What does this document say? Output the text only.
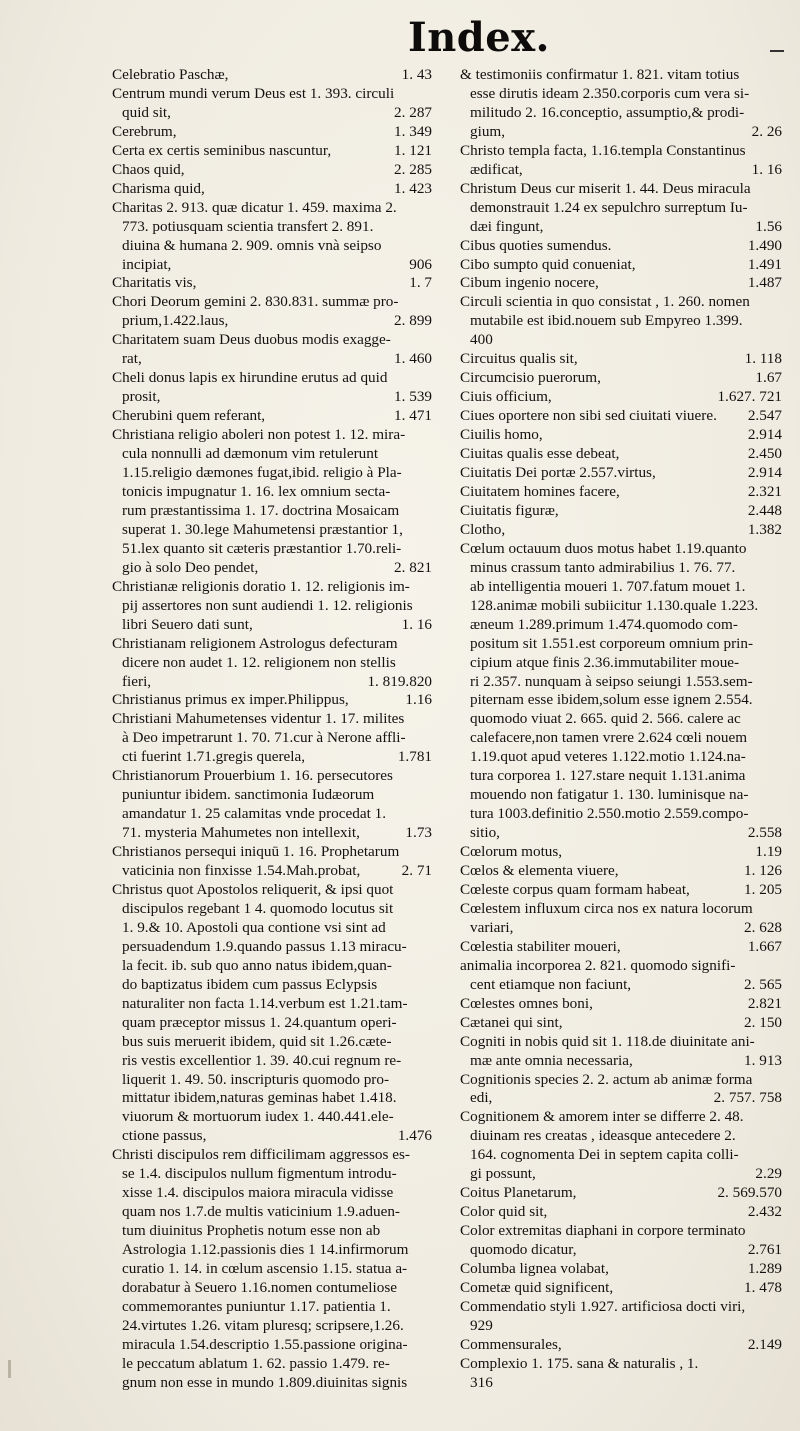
Index.
1. 43
Celebratio Paschæ,
Centrum mundi verum Deus est 1. 393. circuli
2. 287
quid sit,
1. 349
Cerebrum,
1. 121
Certa ex certis seminibus nascuntur,
2. 285
Chaos quid,
1. 423
Charisma quid,
Charitas 2. 913. quæ dicatur 1. 459. maxima 2.
773. potiusquam scientia transfert 2. 891.
diuina & humana 2. 909. omnis vnà seipso
906
incipiat,
1. 7
Charitatis vis,
Chori Deorum gemini 2. 830.831. summæ pro-
2. 899
prium,1.422.laus,
Charitatem suam Deus duobus modis exagge-
1. 460
rat,
Cheli donus lapis ex hirundine erutus ad quid
1. 539
prosit,
1. 471
Cherubini quem referant,
Christiana religio aboleri non potest 1. 12. mira-
cula nonnulli ad dæmonum vim retulerunt
1.15.religio dæmones fugat,ibid. religio à Pla-
tonicis impugnatur 1. 16. lex omnium secta-
rum præstantissima 1. 17. doctrina Mosaicam
superat 1. 30.lege Mahumetensi præstantior 1,
51.lex quanto sit cæteris præstantior 1.70.reli-
2. 821
gio à solo Deo pendet,
Christianæ religionis doratio 1. 12. religionis im-
pij assertores non sunt audiendi 1. 12. religionis
1. 16
libri Seuero dati sunt,
Christianam religionem Astrologus defecturam
dicere non audet 1. 12. religionem non stellis
1. 819.820
fieri,
1.16
Christianus primus ex imper.Philippus,
Christiani Mahumetenses videntur 1. 17. milites
à Deo impetrarunt 1. 70. 71.cur à Nerone affli-
1.781
cti fuerint 1.71.gregis querela,
Christianorum Prouerbium 1. 16. persecutores
puniuntur ibidem. sanctimonia Iudæorum
amandatur 1. 25 calamitas vnde procedat 1.
1.73
71. mysteria Mahumetes non intellexit,
Christianos persequi iniquū 1. 16. Prophetarum
2. 71
vaticinia non finxisse 1.54.Mah.probat,
Christus quot Apostolos reliquerit, & ipsi quot
discipulos regebant 1 4. quomodo locutus sit
1. 9.& 10. Apostoli qua contione vsi sint ad
persuadendum 1.9.quando passus 1.13 miracu-
la fecit. ib. sub quo anno natus ibidem,quan-
do baptizatus ibidem cum passus Eclypsis
naturaliter non facta 1.14.verbum est 1.21.tam-
quam præceptor missus 1. 24.quantum operi-
bus suis meruerit ibidem, quid sit 1.26.cæte-
ris vestis excellentior 1. 39. 40.cui regnum re-
liquerit 1. 49. 50. inscripturis quomodo pro-
mittatur ibidem,naturas geminas habet 1.418.
viuorum & mortuorum iudex 1. 440.441.ele-
1.476
ctione passus,
Christi discipulos rem difficilimam aggressos es-
se 1.4. discipulos nullum figmentum introdu-
xisse 1.4. discipulos maiora miracula vidisse
quam nos 1.7.de multis vaticinium 1.9.aduen-
tum diuinitus Prophetis notum esse non ab
Astrologia 1.12.passionis dies 1 14.infirmorum
curatio 1. 14. in cœlum ascensio 1.15. statua a-
dorabatur à Seuero 1.16.nomen contumeliose
commemorantes puniuntur 1.17. patientia 1.
24.virtutes 1.26. vitam pluresq; scripsere,1.26.
miracula 1.54.descriptio 1.55.passione origina-
le peccatum ablatum 1. 62. passio 1.479. re-
gnum non esse in mundo 1.809.diuinitas signis
& testimoniis confirmatur 1. 821. vitam totius
esse dirutis ideam 2.350.corporis cum vera si-
militudo 2. 16.conceptio, assumptio,& prodi-
2. 26
gium,
Christo templa facta, 1.16.templa Constantinus
1. 16
ædificat,
Christum Deus cur miserit 1. 44. Deus miracula
demonstrauit 1.24 ex sepulchro surreptum Iu-
1.56
dæi fingunt,
1.490
Cibus quoties sumendus.
1.491
Cibo sumpto quid conueniat,
1.487
Cibum ingenio nocere,
Circuli scientia in quo consistat , 1. 260. nomen
mutabile est ibid.nouem sub Empyreo 1.399.
400
1. 118
Circuitus qualis sit,
1.67
Circumcisio puerorum,
1.627. 721
Ciuis officium,
2.547
Ciues oportere non sibi sed ciuitati viuere.
2.914
Ciuilis homo,
2.450
Ciuitas qualis esse debeat,
2.914
Ciuitatis Dei portæ 2.557.virtus,
2.321
Ciuitatem homines facere,
2.448
Ciuitatis figuræ,
1.382
Clotho,
Cœlum octauum duos motus habet 1.19.quanto
minus crassum tanto admirabilius 1. 76. 77.
ab intelligentia moueri 1. 707.fatum mouet 1.
128.animæ mobili subiicitur 1.130.quale 1.223.
æneum 1.289.primum 1.474.quomodo com-
positum sit 1.551.est corporeum omnium prin-
cipium atque finis 2.36.immutabiliter moue-
ri 2.357. nunquam à seipso seiungi 1.553.sem-
piternam esse ibidem,solum esse ignem 2.554.
quomodo viuat 2. 665. quid 2. 566. calere ac
calefacere,non tamen vrere 2.624 cœli nouem
1.19.quot apud veteres 1.122.motio 1.124.na-
tura corporea 1. 127.stare nequit 1.131.anima
mouendo non fatigatur 1. 130. luminisque na-
tura 1003.definitio 2.550.motio 2.559.compo-
2.558
sitio,
1.19
Cœlorum motus,
1. 126
Cœlos & elementa viuere,
1. 205
Cœleste corpus quam formam habeat,
Cœlestem influxum circa nos ex natura locorum
2. 628
variari,
1.667
Cœlestia stabiliter moueri,
animalia incorporea 2. 821. quomodo signifi-
2. 565
cent etiamque non faciunt,
2.821
Cœlestes omnes boni,
2. 150
Cætanei qui sint,
Cogniti in nobis quid sit 1. 118.de diuinitate ani-
1. 913
mæ ante omnia necessaria,
Cognitionis species 2. 2. actum ab animæ forma
2. 757. 758
edi,
Cognitionem & amorem inter se differre 2. 48.
diuinam res creatas , ideasque antecedere 2.
164. cognomenta Dei in septem capita colli-
2.29
gi possunt,
2. 569.570
Coitus Planetarum,
2.432
Color quid sit,
Color extremitas diaphani in corpore terminato
2.761
quomodo dicatur,
1.289
Columba lignea volabat,
1. 478
Cometæ quid significent,
Commendatio styli 1.927. artificiosa docti viri,
929
2.149
Commensurales,
Complexio 1. 175. sana & naturalis , 1.
316
